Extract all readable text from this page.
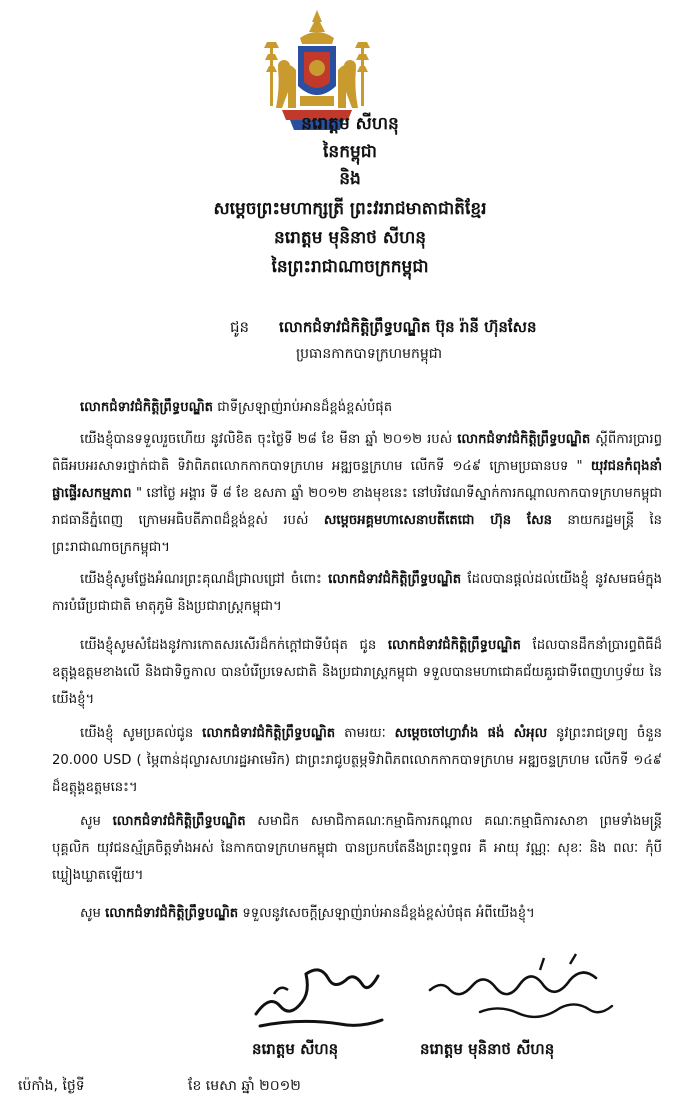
នរោត្តម សីហនុ
នៃកម្ពុជា
និង
សម្តេចព្រះមហាក្សត្រី ព្រះវររាជមាតាជាតិខ្មែរ
នរោត្តម មុនិនាថ សីហនុ
នៃព្រះរាជាណាចក្រកម្ពុជា
ជូន លោកជំទាវជំកិត្តិព្រឹទ្ធបណ្ឌិត ប៊ុន រ៉ានី ហ៊ុនសែន
ប្រធានកាកបាទក្រហមកម្ពុជា
លោកជំទាវជំកិត្តិព្រឹទ្ធបណ្ឌិត ជាទីស្រឡាញ់រាប់អានដ៏ខ្ពង់ខ្ពស់បំផុត
យើងខ្ញុំបានទទួលរួចហើយ នូវលិខិត ចុះថ្ងៃទី ២៨ ខែ មីនា ឆ្នាំ ២០១២ របស់ លោកជំទាវជំកិត្តិព្រឹទ្ធបណ្ឌិត ស្តីពីការប្រារព្ធពិធីអបអរសាទរថ្នាក់ជាតិ ទិវាពិភពលោកកាកបាទក្រហម អឌ្ឍចន្ទក្រហម លើកទី ១៤៩ ក្រោមប្រធានបទ " យុវជនកំពុងនាំផ្លាផ្ទើរសកម្មភាព " នៅថ្ងៃ អង្គារ ទី ៨ ខែ ឧសភា ឆ្នាំ ២០១២ ខាងមុខនេះ នៅបរិវេណទីស្នាក់ការកណ្តាលកាកបាទក្រហមកម្ពុជា រាជធានីភ្នំពេញ ក្រោមអធិបតីភាពដ៏ខ្ពង់ខ្ពស់ របស់ សម្តេចអគ្គមហាសេនាបតីតេជោ ហ៊ុន សែន នាយករដ្ឋមន្ត្រី នៃព្រះរាជាណាចក្រកម្ពុជា។
យើងខ្ញុំសូមថ្លែងអំណរព្រះគុណដ៏ជ្រាលជ្រៅ ចំពោះ លោកជំទាវជំកិត្តិព្រឹទ្ធបណ្ឌិត ដែលបានផ្តល់ដល់យើងខ្ញុំ នូវសមធម៌ក្នុងការបំរើប្រជាជាតិ មាតុភូមិ និងប្រជារាស្ត្រកម្ពុជា។
យើងខ្ញុំសូមសំដែងនូវការកោតសរសើរដ៏កក់ក្តៅជាទីបំផុត ជូន លោកជំទាវជំកិត្តិព្រឹទ្ធបណ្ឌិត ដែលបានដឹកនាំប្រារព្ធពិធីដ៏ឧត្តុង្គឧត្តមខាងលើ និងជាទិច្ចកាល បានបំរើប្រទេសជាតិ និងប្រជារាស្ត្រកម្ពុជា ទទួលបានមហាជោគជ័យគួរជាទីពេញហឫទ័យ នៃយើងខ្ញុំ។
យើងខ្ញុំ សូមប្រគល់ជូន លោកជំទាវជំកិត្តិព្រឹទ្ធបណ្ឌិត តាមរយៈ សម្តេចចៅហ្វាវាំង ផង់ សំអុល នូវព្រះរាជទ្រព្យ ចំនួន 20.000 USD ( ម្ភៃពាន់ដុល្លារសហរដ្ឋអាមេរិក) ជាព្រះរាជូបត្ថម្ភទិវាពិភពលោកកាកបាទក្រហម អឌ្ឍចន្ទក្រហម លើកទី ១៤៩ ដ៏ឧត្តុង្គឧត្តមនេះ។
សូម លោកជំទាវជំកិត្តិព្រឹទ្ធបណ្ឌិត សមាជិក សមាជិកាគណៈកម្មាធិការកណ្តាល គណៈកម្មាធិការសាខា ព្រមទាំងមន្ត្រី បុគ្គលិក យុវជនស្ម័គ្រចិត្តទាំងអស់ នៃកាកបាទក្រហមកម្ពុជា បានប្រកបតែនឹងព្រះពុទ្ធពរ គឺ អាយុ វណ្ណៈ សុខៈ និង ពលៈ កុំបីឃ្លៀងឃ្លាតឡើយ។
សូម លោកជំទាវជំកិត្តិព្រឹទ្ធបណ្ឌិត ទទួលនូវសេចក្តីស្រឡាញ់រាប់អានដ៏ខ្ពង់ខ្ពស់បំផុត អំពីយើងខ្ញុំ។
នរោត្តម សីហនុ	នរោត្តម មុនិនាថ សីហនុ
ប៉េកាំង, ថ្ងៃទី	ខែ មេសា ឆ្នាំ ២០១២
